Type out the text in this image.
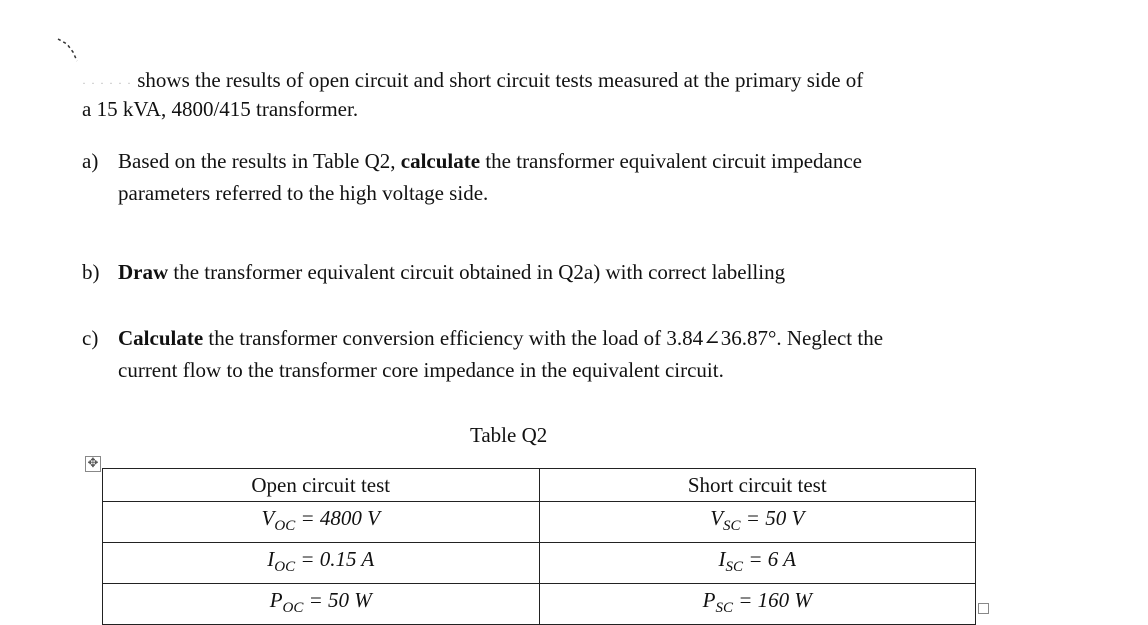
· · · · · · shows the results of open circuit and short circuit tests measured at the primary side of
a 15 kVA, 4800/415 transformer.
a) Based on the results in Table Q2, calculate the transformer equivalent circuit impedance
parameters referred to the high voltage side.
b) Draw the transformer equivalent circuit obtained in Q2a) with correct labelling
c) Calculate the transformer conversion efficiency with the load of 3.84∠36.87°. Neglect the
current flow to the transformer core impedance in the equivalent circuit.
Table Q2
✥
Open circuit test	Short circuit test
$V_{OC} = 4800$ V	$V_{SC} = 50$ V
$I_{OC} = 0.15$ A	$I_{SC} = 6$ A
$P_{OC} = 50$ W	$P_{SC} = 160$ W
